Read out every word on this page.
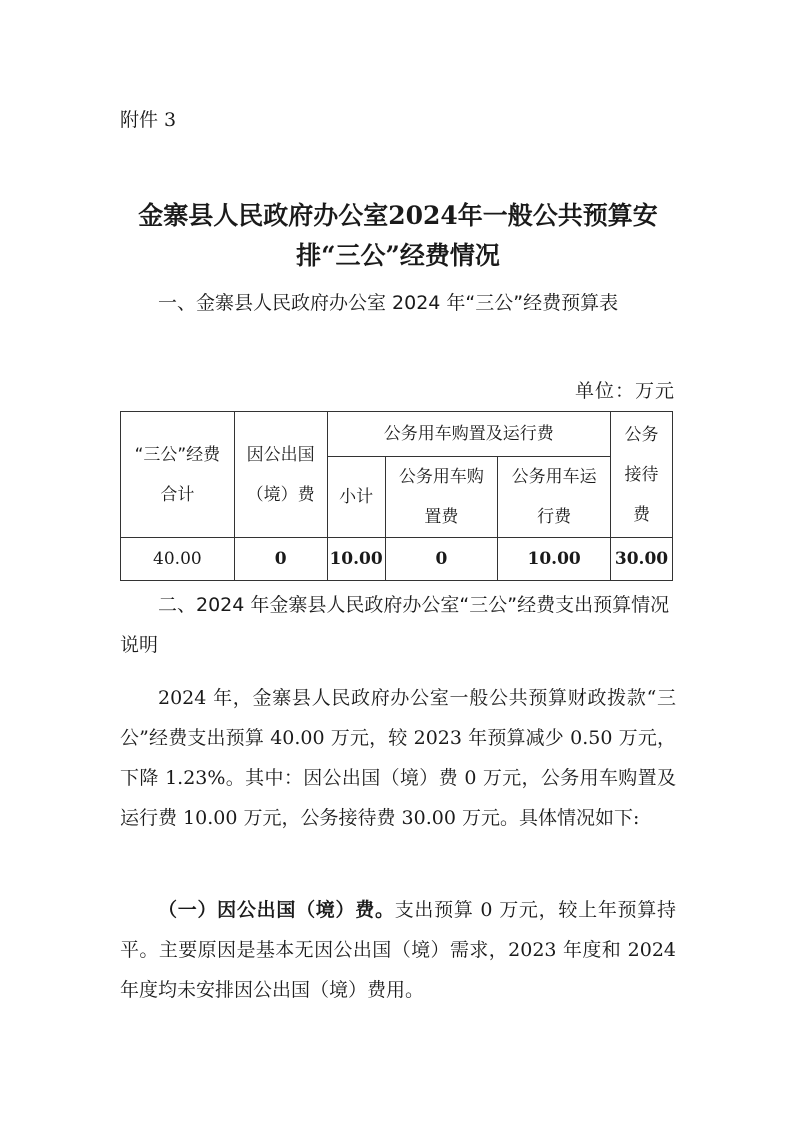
附件 3
金寨县人民政府办公室2024年一般公共预算安排“三公”经费情况
一、金寨县人民政府办公室 2024 年“三公”经费预算表
单位：万元
“三公”经费合计	因公出国（境）费	公务用车购置及运行费			公务接待费
		小计	公务用车购置费	公务用车运行费	
40.00	0	10.00	0	10.00	30.00
二、2024 年金寨县人民政府办公室“三公”经费支出预算情况说明
2024 年，金寨县人民政府办公室一般公共预算财政拨款“三公”经费支出预算 40.00 万元，较 2023 年预算减少 0.50 万元，下降 1.23%。其中：因公出国（境）费 0 万元，公务用车购置及运行费 10.00 万元，公务接待费 30.00 万元。具体情况如下:
（一）因公出国（境）费。支出预算 0 万元，较上年预算持平。主要原因是基本无因公出国（境）需求，2023 年度和 2024 年度均未安排因公出国（境）费用。
